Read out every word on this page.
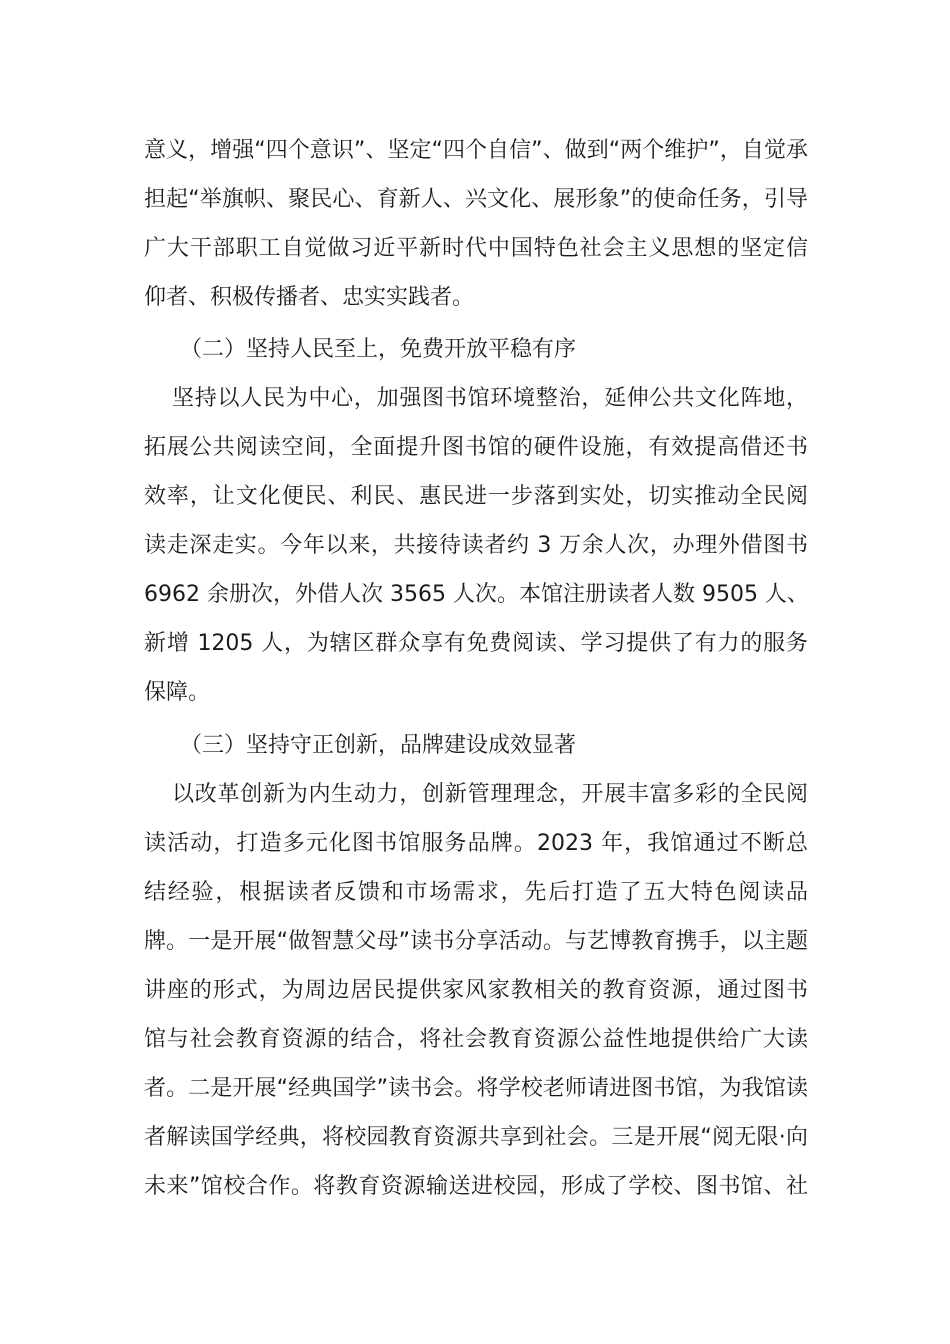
意义，增强“四个意识”、坚定“四个自信”、做到“两个维护”，自觉承

担起“举旗帜、聚民心、育新人、兴文化、展形象”的使命任务，引导

广大干部职工自觉做习近平新时代中国特色社会主义思想的坚定信

仰者、积极传播者、忠实实践者。

（二）坚持人民至上，免费开放平稳有序

坚持以人民为中心，加强图书馆环境整治，延伸公共文化阵地，

拓展公共阅读空间，全面提升图书馆的硬件设施，有效提高借还书

效率，让文化便民、利民、惠民进一步落到实处，切实推动全民阅

读走深走实。今年以来，共接待读者约 3 万余人次，办理外借图书

6962 余册次，外借人次 3565 人次。本馆注册读者人数 9505 人、

新增 1205 人，为辖区群众享有免费阅读、学习提供了有力的服务

保障。

（三）坚持守正创新，品牌建设成效显著

以改革创新为内生动力，创新管理理念，开展丰富多彩的全民阅

读活动，打造多元化图书馆服务品牌。2023 年，我馆通过不断总

结经验，根据读者反馈和市场需求，先后打造了五大特色阅读品

牌。一是开展“做智慧父母”读书分享活动。与艺博教育携手，以主题

讲座的形式，为周边居民提供家风家教相关的教育资源，通过图书

馆与社会教育资源的结合，将社会教育资源公益性地提供给广大读

者。二是开展“经典国学”读书会。将学校老师请进图书馆，为我馆读

者解读国学经典，将校园教育资源共享到社会。三是开展“阅无限·向

未来”馆校合作。将教育资源输送进校园，形成了学校、图书馆、社
